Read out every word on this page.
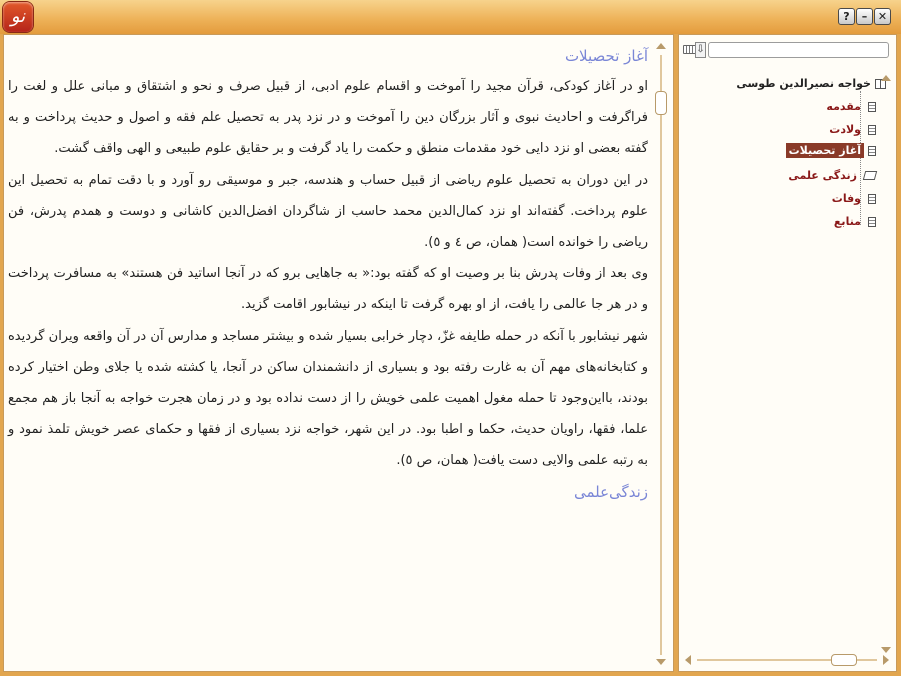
نو	?	– ✕
آغاز تحصیلات

او در آغاز کودکی، قرآن مجید را آموخت و اقسام علوم ادبی، از قبیل صرف و نحو و اشتقاق و مبانی علل و لغت را فراگرفت و احادیث نبوی و آثار بزرگان دین را آموخت و در نزد پدر به تحصیل علم فقه و اصول و حدیث پرداخت و به گفته بعضی او نزد دایی خود مقدمات منطق و حکمت را یاد گرفت و بر حقایق علوم طبیعی و الهی واقف گشت.

در این دوران به تحصیل علوم ریاضی از قبیل حساب و هندسه، جبر و موسیقی رو آورد و با دقت تمام به تحصیل این علوم پرداخت. گفته‌اند او نزد کمال‌الدین محمد حاسب از شاگردان افضل‌الدین کاشانی و دوست و همدم پدرش، فن ریاضی را خوانده است( همان، ص ٤ و ٥).

وی بعد از وفات پدرش بنا بر وصیت او که گفته بود:« به جاهایی برو که در آنجا اساتید فن هستند» به مسافرت پرداخت و در هر جا عالمی را یافت، از او بهره گرفت تا اینکه در نیشابور اقامت گزید.

شهر نیشابور با آنکه در حمله طایفه غزّ، دچار خرابی بسیار شده و بیشتر مساجد و مدارس آن در آن واقعه ویران گردیده و کتابخانه‌های مهم آن به غارت رفته بود و بسیاری از دانشمندان ساکن در آنجا، یا کشته شده یا جلای وطن اختیار کرده بودند، بااین‌وجود تا حمله مغول اهمیت علمی خویش را از دست نداده بود و در زمان هجرت خواجه به آنجا باز هم مجمع علما، فقها، راویان حدیث، حکما و اطبا بود. در این شهر، خواجه نزد بسیاری از فقها و حکمای عصر خویش تلمذ نمود و به رتبه علمی والایی دست یافت( همان، ص ٥).

زندگی‌علمی
⇩
خواجه نصیرالدین طوسی
مقدمه
ولادت
آغاز تحصیلات
زندگی علمی
وفات
منابع
